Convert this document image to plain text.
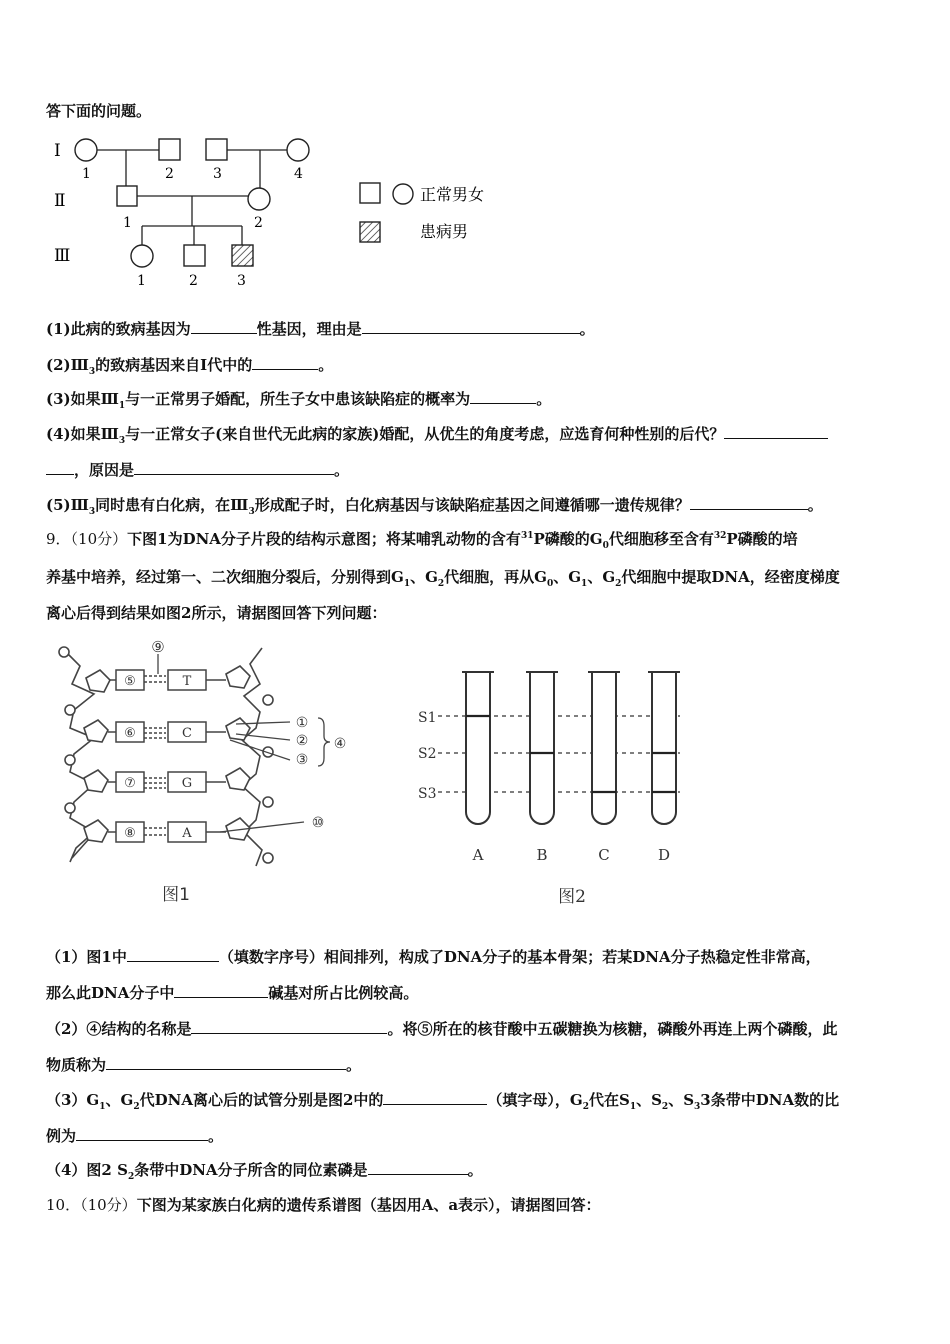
答下面的问题。
Ⅰ
Ⅱ
Ⅲ
1	2	3	4
1	2
1	2	3
正常男女
患病男
(1)此病的致病基因为	性基因，理由是	。
$(2)Ⅲ_3$的致病基因来自Ⅰ代中的	。
(3)如果$Ⅲ_1$与一正常男子婚配，所生子女中患该缺陷症的概率为	。
(4)如果$Ⅲ_3$与一正常女子(来自世代无此病的家族)婚配，从优生的角度考虑，应选育何种性别的后代？
，原因是	。
$(5)Ⅲ_3$同时患有白化病，在$Ⅲ_3$形成配子时，白化病基因与该缺陷症基因之间遵循哪一遗传规律？	。
9．（10分）下图1为DNA分子片段的结构示意图；将某哺乳动物的含有$^{31}$P磷酸的$G_0$代细胞移至含有$^{32}$P磷酸的培
养基中培养，经过第一、二次细胞分裂后，分别得到$G_1$、$G_2$代细胞，再从$G_0$、$G_1$、$G_2$代细胞中提取DNA，经密度梯度
离心后得到结果如图2所示，请据图回答下列问题：
⑤
⑥
⑦
⑧
T
C
G
A
⑨
①
②
③
④
⑩
图1
S1
S2
S3
A	B	C	D
图2
（1）图1中	（填数字序号）相间排列，构成了DNA分子的基本骨架；若某DNA分子热稳定性非常高，
那么此DNA分子中	碱基对所占比例较高。
（2）④结构的名称是	。将⑤所在的核苷酸中五碳糖换为核糖，磷酸外再连上两个磷酸，此
物质称为	。
$(3)G_1$、$G_2$代DNA离心后的试管分别是图2中的	（填字母），$G_2$代在$S_1$、$S_2$、$S_33$条带中DNA数的比
例为	。
（4）图2 $S_2$条带中DNA分子所含的同位素磷是	。
10．（10分）下图为某家族白化病的遗传系谱图（基因用A、a表示），请据图回答：
